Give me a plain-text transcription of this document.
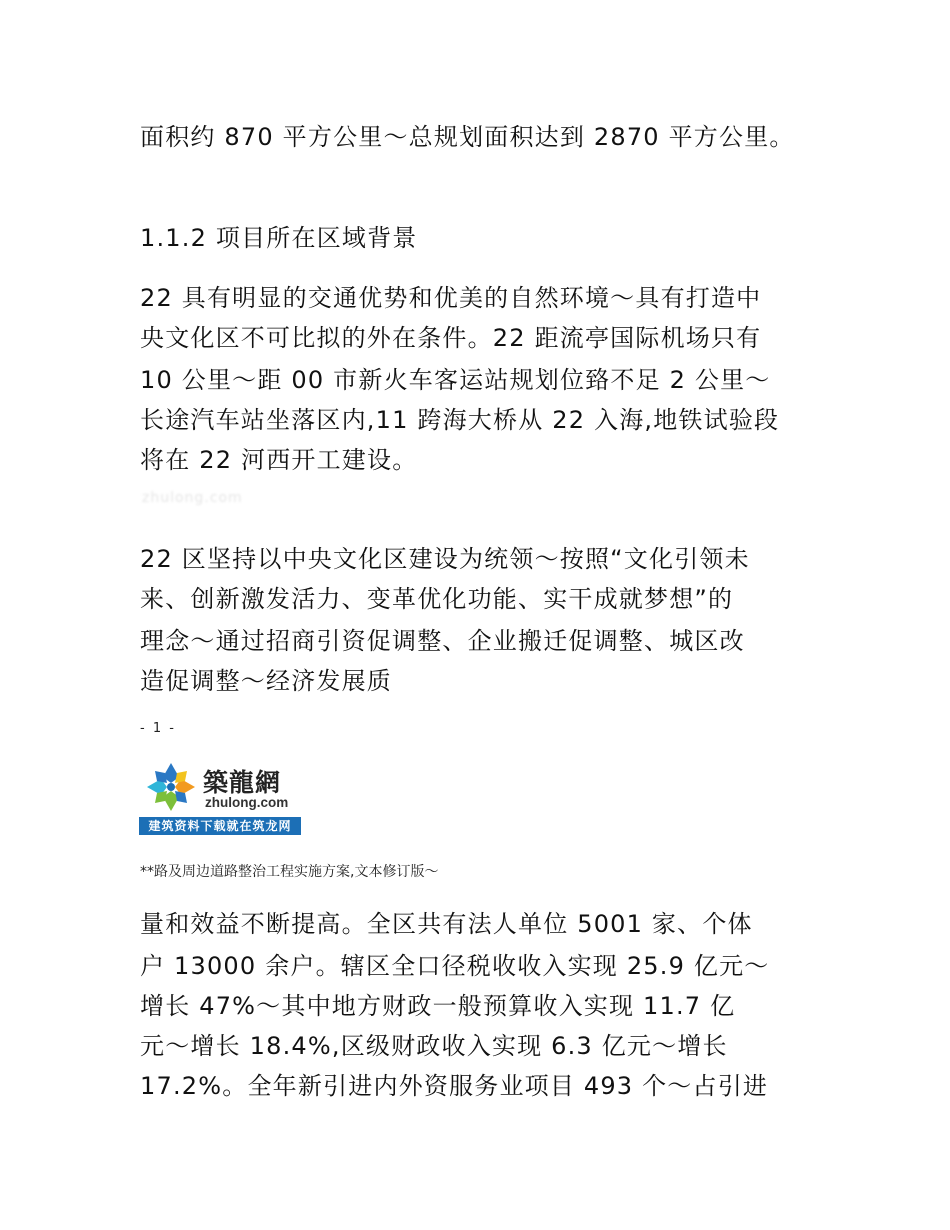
面积约 870 平方公里～总规划面积达到 2870 平方公里。
1.1.2 项目所在区域背景
22 具有明显的交通优势和优美的自然环境～具有打造中
央文化区不可比拟的外在条件。22 距流亭国际机场只有
10 公里～距 00 市新火车客运站规划位臵不足 2 公里～
长途汽车站坐落区内,11 跨海大桥从 22 入海,地铁试验段
将在 22 河西开工建设。
zhulong.com
22 区坚持以中央文化区建设为统领～按照“文化引领未
来、创新激发活力、变革优化功能、实干成就梦想”的
理念～通过招商引资促调整、企业搬迁促调整、城区改
造促调整～经济发展质
- 1 -
築龍網
zhulong.com
建筑资料下载就在筑龙网
**路及周边道路整治工程实施方案,文本修订版～
量和效益不断提高。全区共有法人单位 5001 家、个体
户 13000 余户。辖区全口径税收收入实现 25.9 亿元～
增长 47%～其中地方财政一般预算收入实现 11.7 亿
元～增长 18.4%,区级财政收入实现 6.3 亿元～增长
17.2%。全年新引进内外资服务业项目 493 个～占引进
